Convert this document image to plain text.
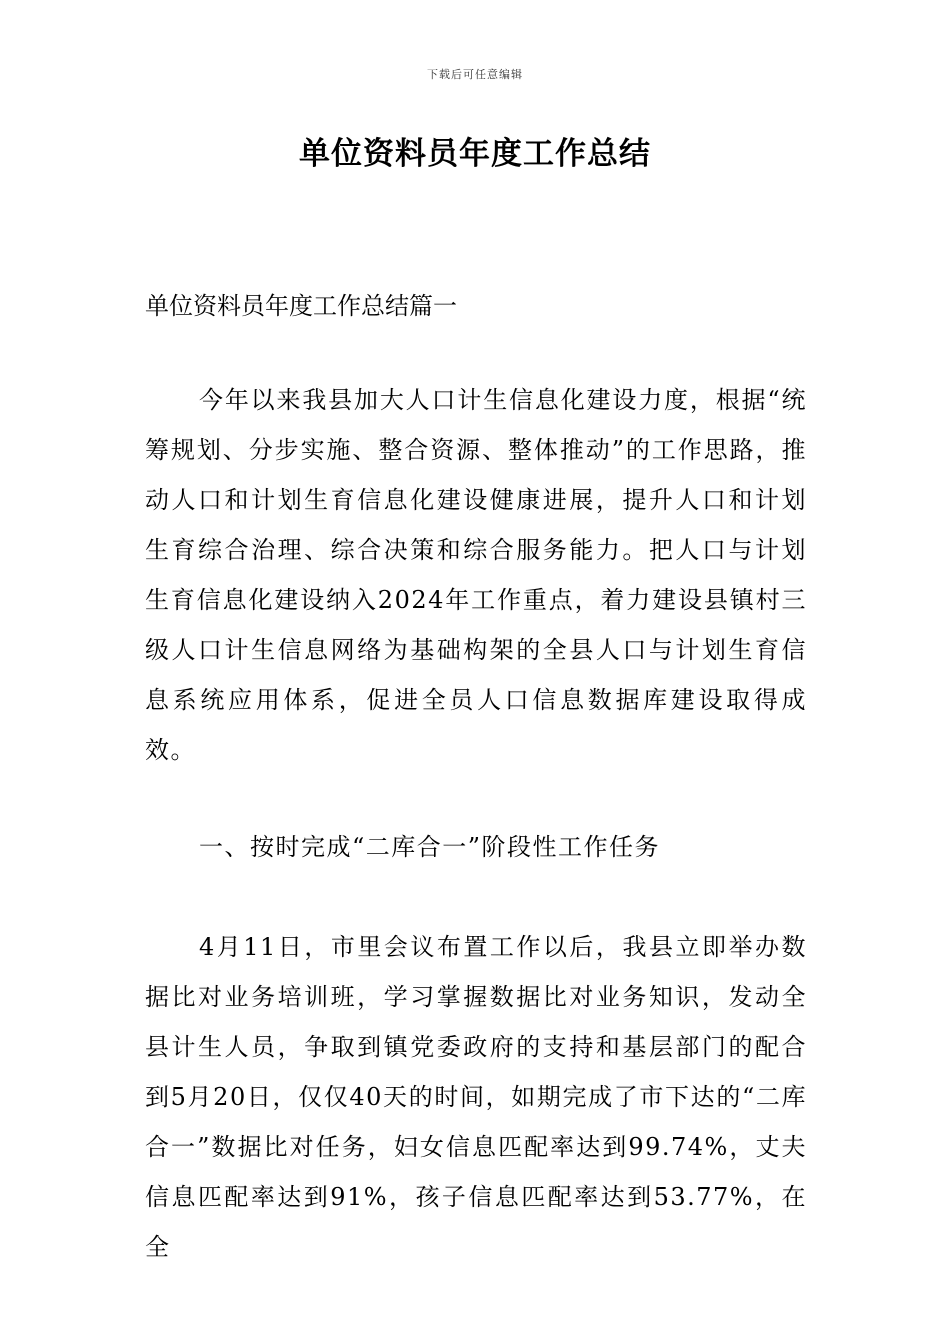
下载后可任意编辑
单位资料员年度工作总结
单位资料员年度工作总结篇一
今年以来我县加大人口计生信息化建设力度，根据“统筹规划、分步实施、整合资源、整体推动”的工作思路，推动人口和计划生育信息化建设健康进展，提升人口和计划生育综合治理、综合决策和综合服务能力。把人口与计划生育信息化建设纳入2024年工作重点，着力建设县镇村三级人口计生信息网络为基础构架的全县人口与计划生育信息系统应用体系，促进全员人口信息数据库建设取得成效。
一、按时完成“二库合一”阶段性工作任务
4月11日，市里会议布置工作以后，我县立即举办数据比对业务培训班，学习掌握数据比对业务知识，发动全县计生人员，争取到镇党委政府的支持和基层部门的配合到5月20日，仅仅40天的时间，如期完成了市下达的“二库合一”数据比对任务，妇女信息匹配率达到99.74%，丈夫信息匹配率达到91%，孩子信息匹配率达到53.77%，在全
